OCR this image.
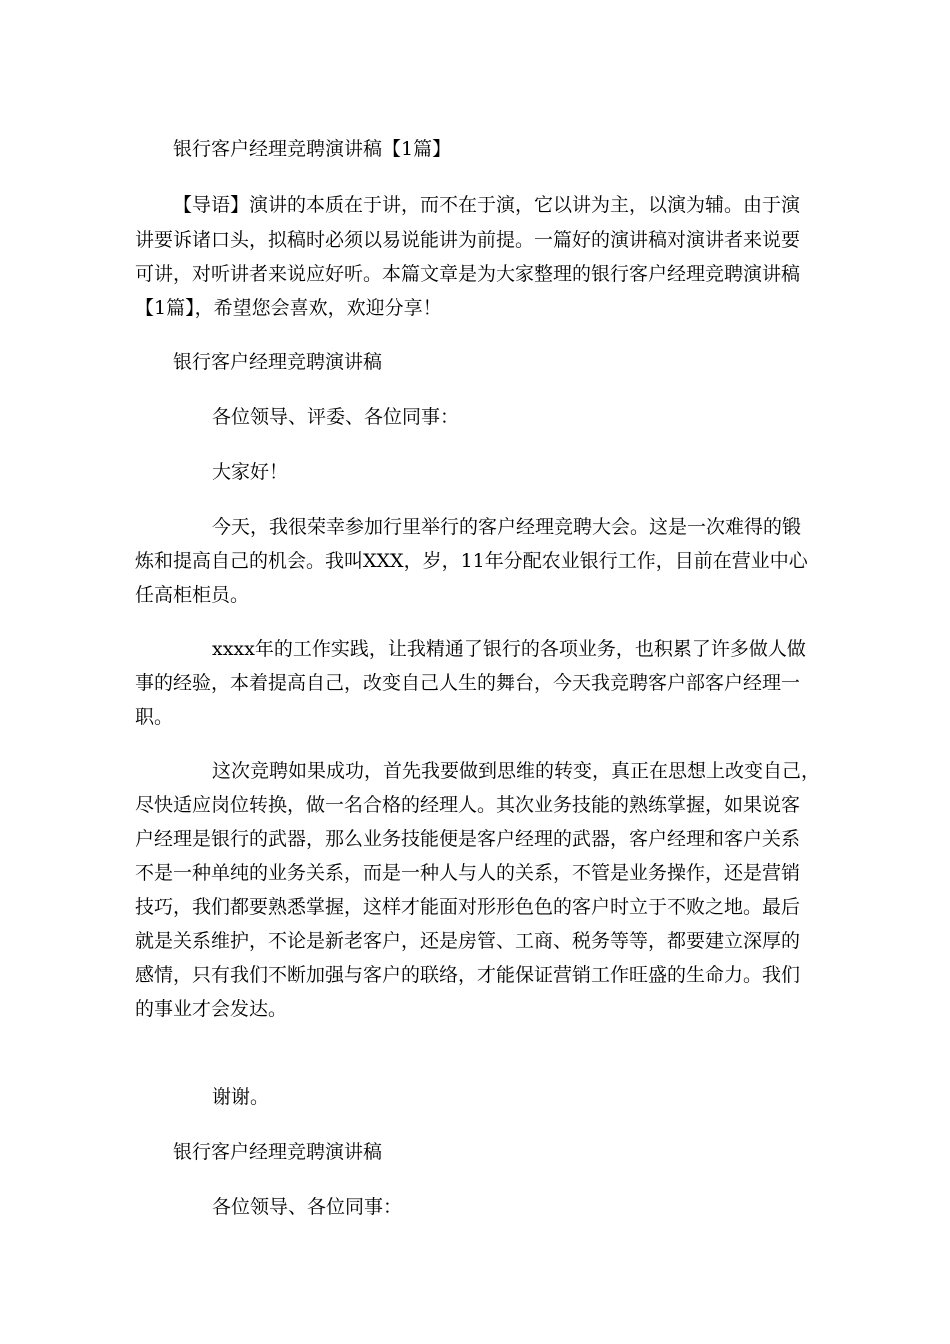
银行客户经理竞聘演讲稿【1篇】
【导语】演讲的本质在于讲，而不在于演，它以讲为主，以演为辅。由于演
讲要诉诸口头，拟稿时必须以易说能讲为前提。一篇好的演讲稿对演讲者来说要
可讲，对听讲者来说应好听。本篇文章是为大家整理的银行客户经理竞聘演讲稿
【1篇】，希望您会喜欢，欢迎分享！
银行客户经理竞聘演讲稿
各位领导、评委、各位同事：
大家好！
今天，我很荣幸参加行里举行的客户经理竞聘大会。这是一次难得的锻
炼和提高自己的机会。我叫XXX，岁，11年分配农业银行工作，目前在营业中心
任高柜柜员。
xxxx年的工作实践，让我精通了银行的各项业务，也积累了许多做人做
事的经验，本着提高自己，改变自己人生的舞台，今天我竞聘客户部客户经理一
职。
这次竞聘如果成功，首先我要做到思维的转变，真正在思想上改变自己，
尽快适应岗位转换，做一名合格的经理人。其次业务技能的熟练掌握，如果说客
户经理是银行的武器，那么业务技能便是客户经理的武器，客户经理和客户关系
不是一种单纯的业务关系，而是一种人与人的关系，不管是业务操作，还是营销
技巧，我们都要熟悉掌握，这样才能面对形形色色的客户时立于不败之地。最后
就是关系维护，不论是新老客户，还是房管、工商、税务等等，都要建立深厚的
感情，只有我们不断加强与客户的联络，才能保证营销工作旺盛的生命力。我们
的事业才会发达。
谢谢。
银行客户经理竞聘演讲稿
各位领导、各位同事：
